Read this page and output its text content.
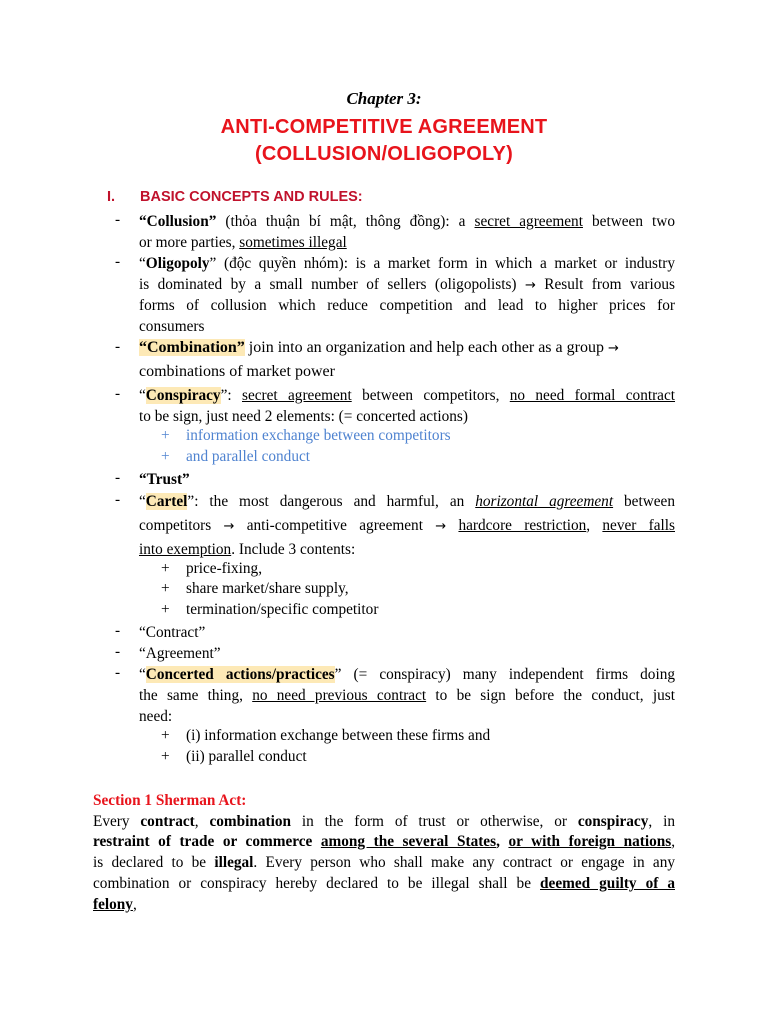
Chapter 3:
ANTI-COMPETITIVE AGREEMENT
(COLLUSION/OLIGOPOLY)
I. BASIC CONCEPTS AND RULES:
- “Collusion” (thỏa thuận bí mật, thông đồng): a secret agreement between two
or more parties, sometimes illegal
- “Oligopoly” (độc quyền nhóm): is a market form in which a market or industry
is dominated by a small number of sellers (oligopolists) → Result from various
forms of collusion which reduce competition and lead to higher prices for
consumers
- “Combination” join into an organization and help each other as a group →
combinations of market power
- “Conspiracy”: secret agreement between competitors, no need formal contract
to be sign, just need 2 elements: (= concerted actions)
+ information exchange between competitors
+ and parallel conduct
- “Trust”
- “Cartel”: the most dangerous and harmful, an horizontal agreement between
competitors → anti-competitive agreement → hardcore restriction, never falls
into exemption. Include 3 contents:
+ price-fixing,
+ share market/share supply,
+ termination/specific competitor
- “Contract”
- “Agreement”
- “Concerted actions/practices” (= conspiracy) many independent firms doing
the same thing, no need previous contract to be sign before the conduct, just
need:
+ (i) information exchange between these firms and
+ (ii) parallel conduct
Section 1 Sherman Act:
Every contract, combination in the form of trust or otherwise, or conspiracy, in
restraint of trade or commerce among the several States, or with foreign nations,
is declared to be illegal. Every person who shall make any contract or engage in any
combination or conspiracy hereby declared to be illegal shall be deemed guilty of a
felony,
